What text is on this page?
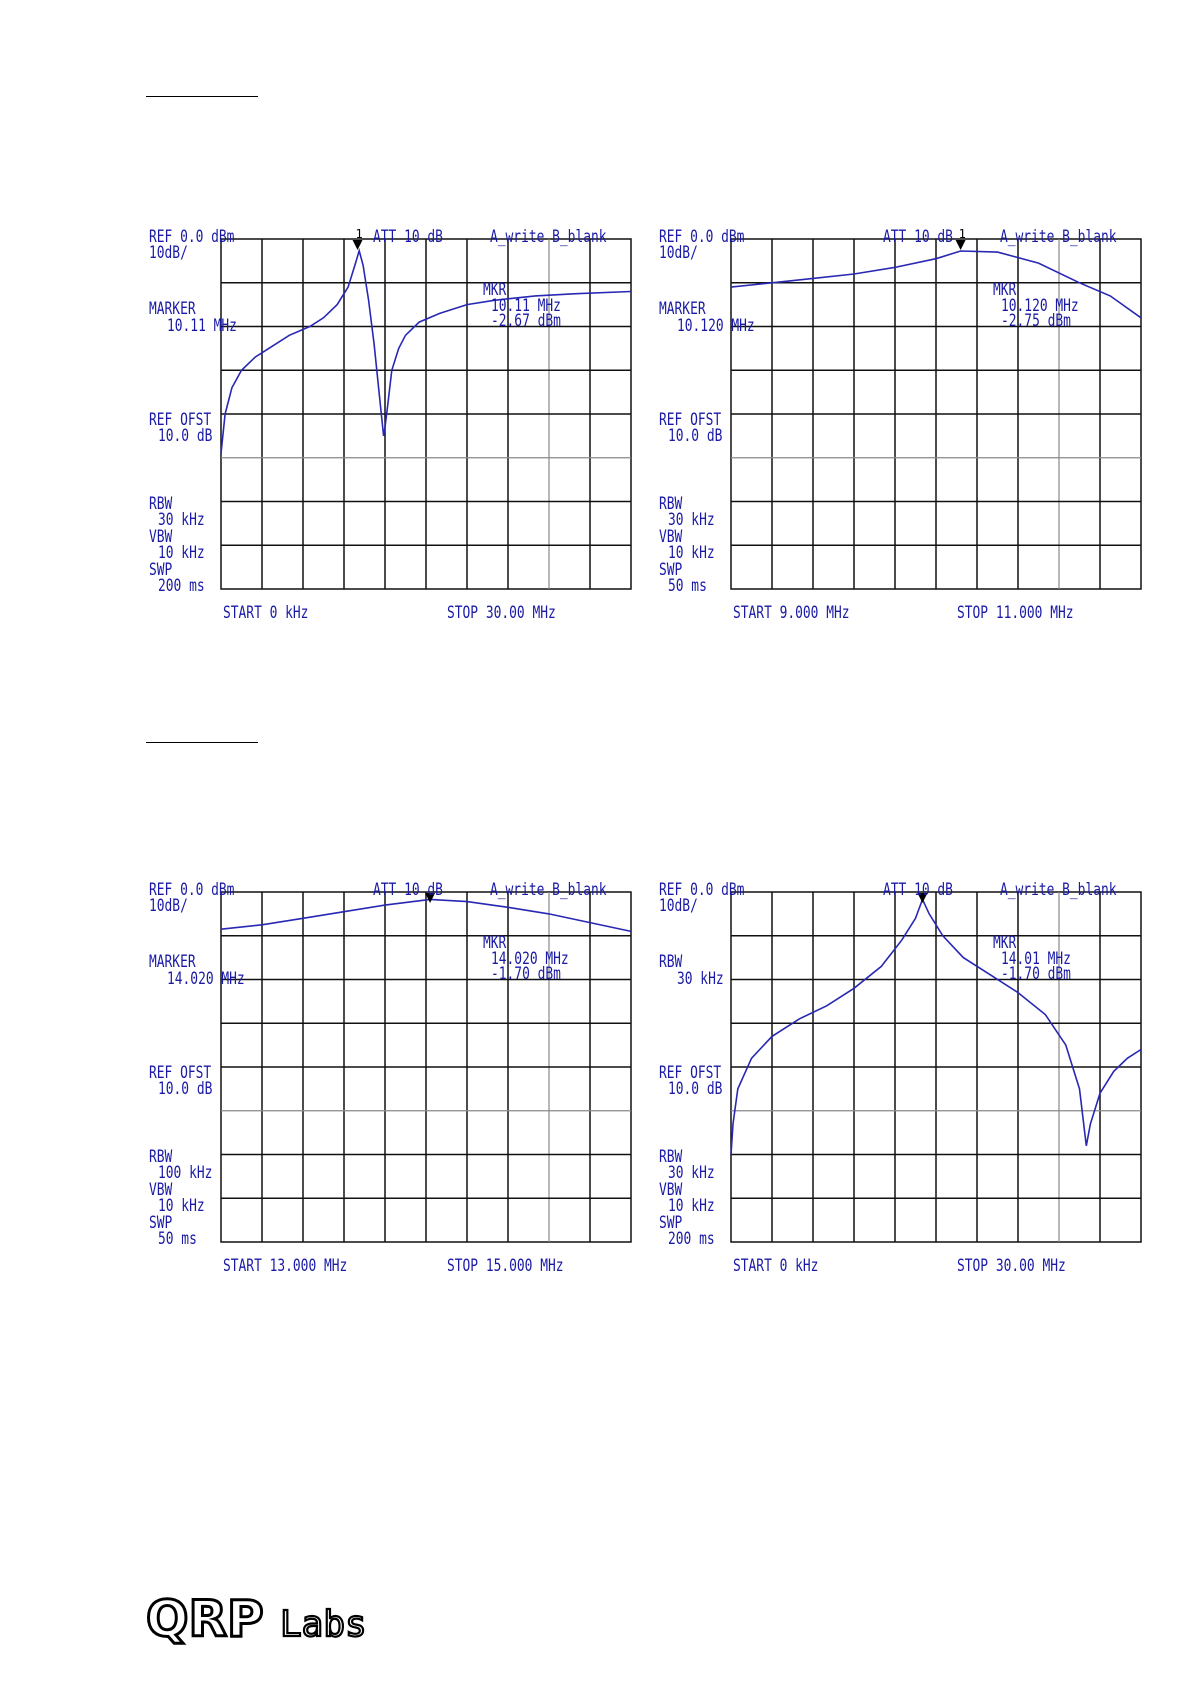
1
REF 0.0 dBm
10dB/
ATT 10 dB	A_write B_blank
MARKER
10.11 MHz
MKR
10.11 MHz
-2.67 dBm
REF OFST
10.0 dB
RBW
30 kHz
VBW
10 kHz
SWP
200 ms
START 0 kHz	STOP 30.00 MHz
1
REF 0.0 dBm
10dB/
ATT 10 dB	A_write B_blank
MARKER
10.120 MHz
MKR
10.120 MHz
-2.75 dBm
REF OFST
10.0 dB
RBW
30 kHz
VBW
10 kHz
SWP
50 ms
START 9.000 MHz	STOP 11.000 MHz
REF 0.0 dBm
10dB/
ATT 10 dB	A_write B_blank
MARKER
14.020 MHz
MKR
14.020 MHz
-1.70 dBm
REF OFST
10.0 dB
RBW
100 kHz
VBW
10 kHz
SWP
50 ms
START 13.000 MHz	STOP 15.000 MHz
REF 0.0 dBm
10dB/
ATT 10 dB	A_write B_blank
RBW
30 kHz
MKR
14.01 MHz
-1.70 dBm
REF OFST
10.0 dB
RBW
30 kHz
VBW
10 kHz
SWP
200 ms
START 0 kHz	STOP 30.00 MHz
QRP Labs
